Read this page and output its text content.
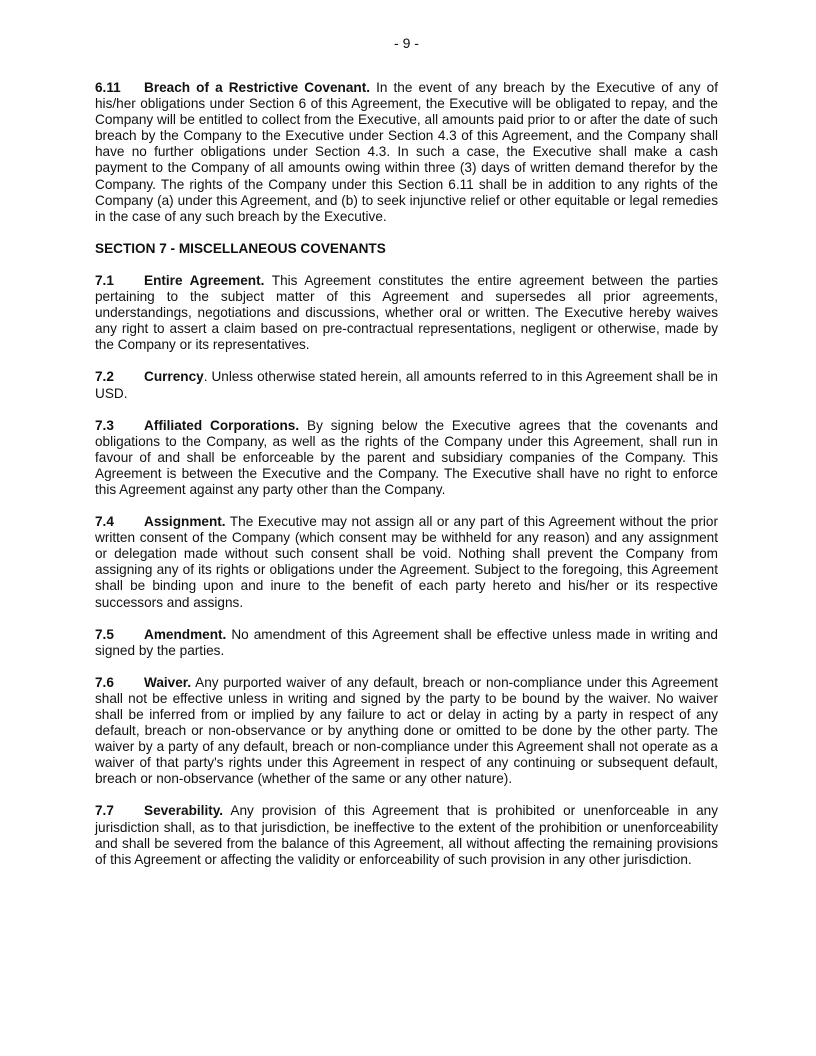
- 9 -

6.11 Breach of a Restrictive Covenant. In the event of any breach by the Executive of any of his/her obligations under Section 6 of this Agreement, the Executive will be obligated to repay, and the Company will be entitled to collect from the Executive, all amounts paid prior to or after the date of such breach by the Company to the Executive under Section 4.3 of this Agreement, and the Company shall have no further obligations under Section 4.3. In such a case, the Executive shall make a cash payment to the Company of all amounts owing within three (3) days of written demand therefor by the Company. The rights of the Company under this Section 6.11 shall be in addition to any rights of the Company (a) under this Agreement, and (b) to seek injunctive relief or other equitable or legal remedies in the case of any such breach by the Executive.

SECTION 7 - MISCELLANEOUS COVENANTS

7.1 Entire Agreement. This Agreement constitutes the entire agreement between the parties pertaining to the subject matter of this Agreement and supersedes all prior agreements, understandings, negotiations and discussions, whether oral or written. The Executive hereby waives any right to assert a claim based on pre-contractual representations, negligent or otherwise, made by the Company or its representatives.

7.2 Currency. Unless otherwise stated herein, all amounts referred to in this Agreement shall be in USD.

7.3 Affiliated Corporations. By signing below the Executive agrees that the covenants and obligations to the Company, as well as the rights of the Company under this Agreement, shall run in favour of and shall be enforceable by the parent and subsidiary companies of the Company. This Agreement is between the Executive and the Company. The Executive shall have no right to enforce this Agreement against any party other than the Company.

7.4 Assignment. The Executive may not assign all or any part of this Agreement without the prior written consent of the Company (which consent may be withheld for any reason) and any assignment or delegation made without such consent shall be void. Nothing shall prevent the Company from assigning any of its rights or obligations under the Agreement. Subject to the foregoing, this Agreement shall be binding upon and inure to the benefit of each party hereto and his/her or its respective successors and assigns.

7.5 Amendment. No amendment of this Agreement shall be effective unless made in writing and signed by the parties.

7.6 Waiver. Any purported waiver of any default, breach or non-compliance under this Agreement shall not be effective unless in writing and signed by the party to be bound by the waiver. No waiver shall be inferred from or implied by any failure to act or delay in acting by a party in respect of any default, breach or non-observance or by anything done or omitted to be done by the other party. The waiver by a party of any default, breach or non-compliance under this Agreement shall not operate as a waiver of that party's rights under this Agreement in respect of any continuing or subsequent default, breach or non-observance (whether of the same or any other nature).

7.7 Severability. Any provision of this Agreement that is prohibited or unenforceable in any jurisdiction shall, as to that jurisdiction, be ineffective to the extent of the prohibition or unenforceability and shall be severed from the balance of this Agreement, all without affecting the remaining provisions of this Agreement or affecting the validity or enforceability of such provision in any other jurisdiction.
